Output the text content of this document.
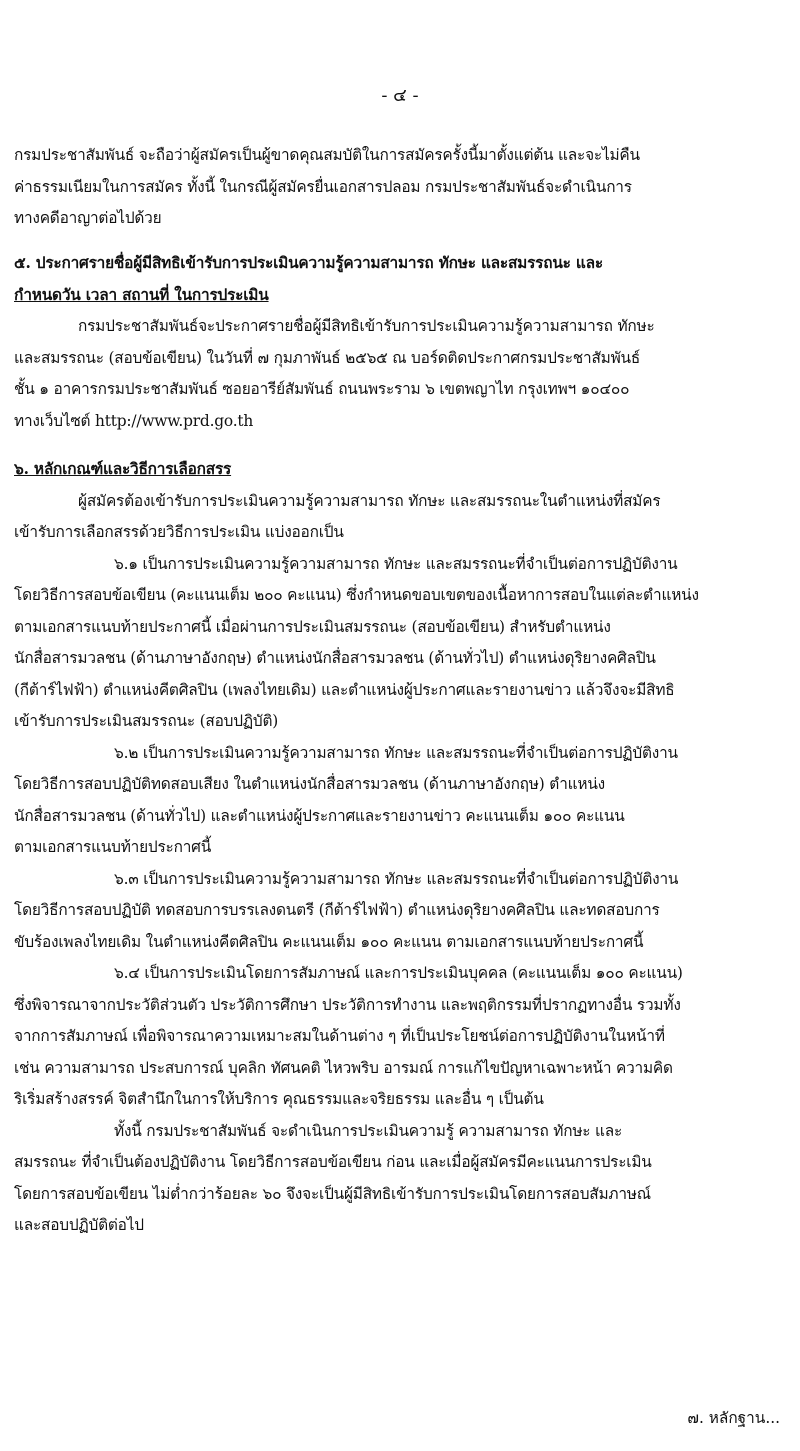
- ๔ -
กรมประชาสัมพันธ์ จะถือว่าผู้สมัครเป็นผู้ขาดคุณสมบัติในการสมัครครั้งนี้มาตั้งแต่ต้น และจะไม่คืน
ค่าธรรมเนียมในการสมัคร ทั้งนี้ ในกรณีผู้สมัครยื่นเอกสารปลอม กรมประชาสัมพันธ์จะดำเนินการ
ทางคดีอาญาต่อไปด้วย
๕. ประกาศรายชื่อผู้มีสิทธิเข้ารับการประเมินความรู้ความสามารถ ทักษะ และสมรรถนะ และ
กำหนดวัน เวลา สถานที่ ในการประเมิน
กรมประชาสัมพันธ์จะประกาศรายชื่อผู้มีสิทธิเข้ารับการประเมินความรู้ความสามารถ ทักษะ
และสมรรถนะ (สอบข้อเขียน) ในวันที่ ๗ กุมภาพันธ์ ๒๕๖๕ ณ บอร์ดติดประกาศกรมประชาสัมพันธ์
ชั้น ๑ อาคารกรมประชาสัมพันธ์ ซอยอารีย์สัมพันธ์ ถนนพระราม ๖ เขตพญาไท กรุงเทพฯ ๑๐๔๐๐
ทางเว็บไซต์ http://www.prd.go.th
๖. หลักเกณฑ์และวิธีการเลือกสรร
ผู้สมัครต้องเข้ารับการประเมินความรู้ความสามารถ ทักษะ และสมรรถนะในตำแหน่งที่สมัคร
เข้ารับการเลือกสรรด้วยวิธีการประเมิน แบ่งออกเป็น
๖.๑ เป็นการประเมินความรู้ความสามารถ ทักษะ และสมรรถนะที่จำเป็นต่อการปฏิบัติงาน
โดยวิธีการสอบข้อเขียน (คะแนนเต็ม ๒๐๐ คะแนน) ซึ่งกำหนดขอบเขตของเนื้อหาการสอบในแต่ละตำแหน่ง
ตามเอกสารแนบท้ายประกาศนี้ เมื่อผ่านการประเมินสมรรถนะ (สอบข้อเขียน) สำหรับตำแหน่ง
นักสื่อสารมวลชน (ด้านภาษาอังกฤษ) ตำแหน่งนักสื่อสารมวลชน (ด้านทั่วไป) ตำแหน่งดุริยางคศิลปิน
(กีต้าร์ไฟฟ้า) ตำแหน่งคีตศิลปิน (เพลงไทยเดิม) และตำแหน่งผู้ประกาศและรายงานข่าว แล้วจึงจะมีสิทธิ
เข้ารับการประเมินสมรรถนะ (สอบปฏิบัติ)
๖.๒ เป็นการประเมินความรู้ความสามารถ ทักษะ และสมรรถนะที่จำเป็นต่อการปฏิบัติงาน
โดยวิธีการสอบปฏิบัติทดสอบเสียง ในตำแหน่งนักสื่อสารมวลชน (ด้านภาษาอังกฤษ) ตำแหน่ง
นักสื่อสารมวลชน (ด้านทั่วไป) และตำแหน่งผู้ประกาศและรายงานข่าว คะแนนเต็ม ๑๐๐ คะแนน
ตามเอกสารแนบท้ายประกาศนี้
๖.๓ เป็นการประเมินความรู้ความสามารถ ทักษะ และสมรรถนะที่จำเป็นต่อการปฏิบัติงาน
โดยวิธีการสอบปฏิบัติ ทดสอบการบรรเลงดนตรี (กีต้าร์ไฟฟ้า) ตำแหน่งดุริยางคศิลปิน และทดสอบการ
ขับร้องเพลงไทยเดิม ในตำแหน่งคีตศิลปิน คะแนนเต็ม ๑๐๐ คะแนน ตามเอกสารแนบท้ายประกาศนี้
๖.๔ เป็นการประเมินโดยการสัมภาษณ์ และการประเมินบุคคล (คะแนนเต็ม ๑๐๐ คะแนน)
ซึ่งพิจารณาจากประวัติส่วนตัว ประวัติการศึกษา ประวัติการทำงาน และพฤติกรรมที่ปรากฏทางอื่น รวมทั้ง
จากการสัมภาษณ์ เพื่อพิจารณาความเหมาะสมในด้านต่าง ๆ ที่เป็นประโยชน์ต่อการปฏิบัติงานในหน้าที่
เช่น ความสามารถ ประสบการณ์ บุคลิก ทัศนคติ ไหวพริบ อารมณ์ การแก้ไขปัญหาเฉพาะหน้า ความคิด
ริเริ่มสร้างสรรค์ จิตสำนึกในการให้บริการ คุณธรรมและจริยธรรม และอื่น ๆ เป็นต้น
ทั้งนี้ กรมประชาสัมพันธ์ จะดำเนินการประเมินความรู้ ความสามารถ ทักษะ และ
สมรรถนะ ที่จำเป็นต้องปฏิบัติงาน โดยวิธีการสอบข้อเขียน ก่อน และเมื่อผู้สมัครมีคะแนนการประเมิน
โดยการสอบข้อเขียน ไม่ต่ำกว่าร้อยละ ๖๐ จึงจะเป็นผู้มีสิทธิเข้ารับการประเมินโดยการสอบสัมภาษณ์
และสอบปฏิบัติต่อไป
๗. หลักฐาน...
